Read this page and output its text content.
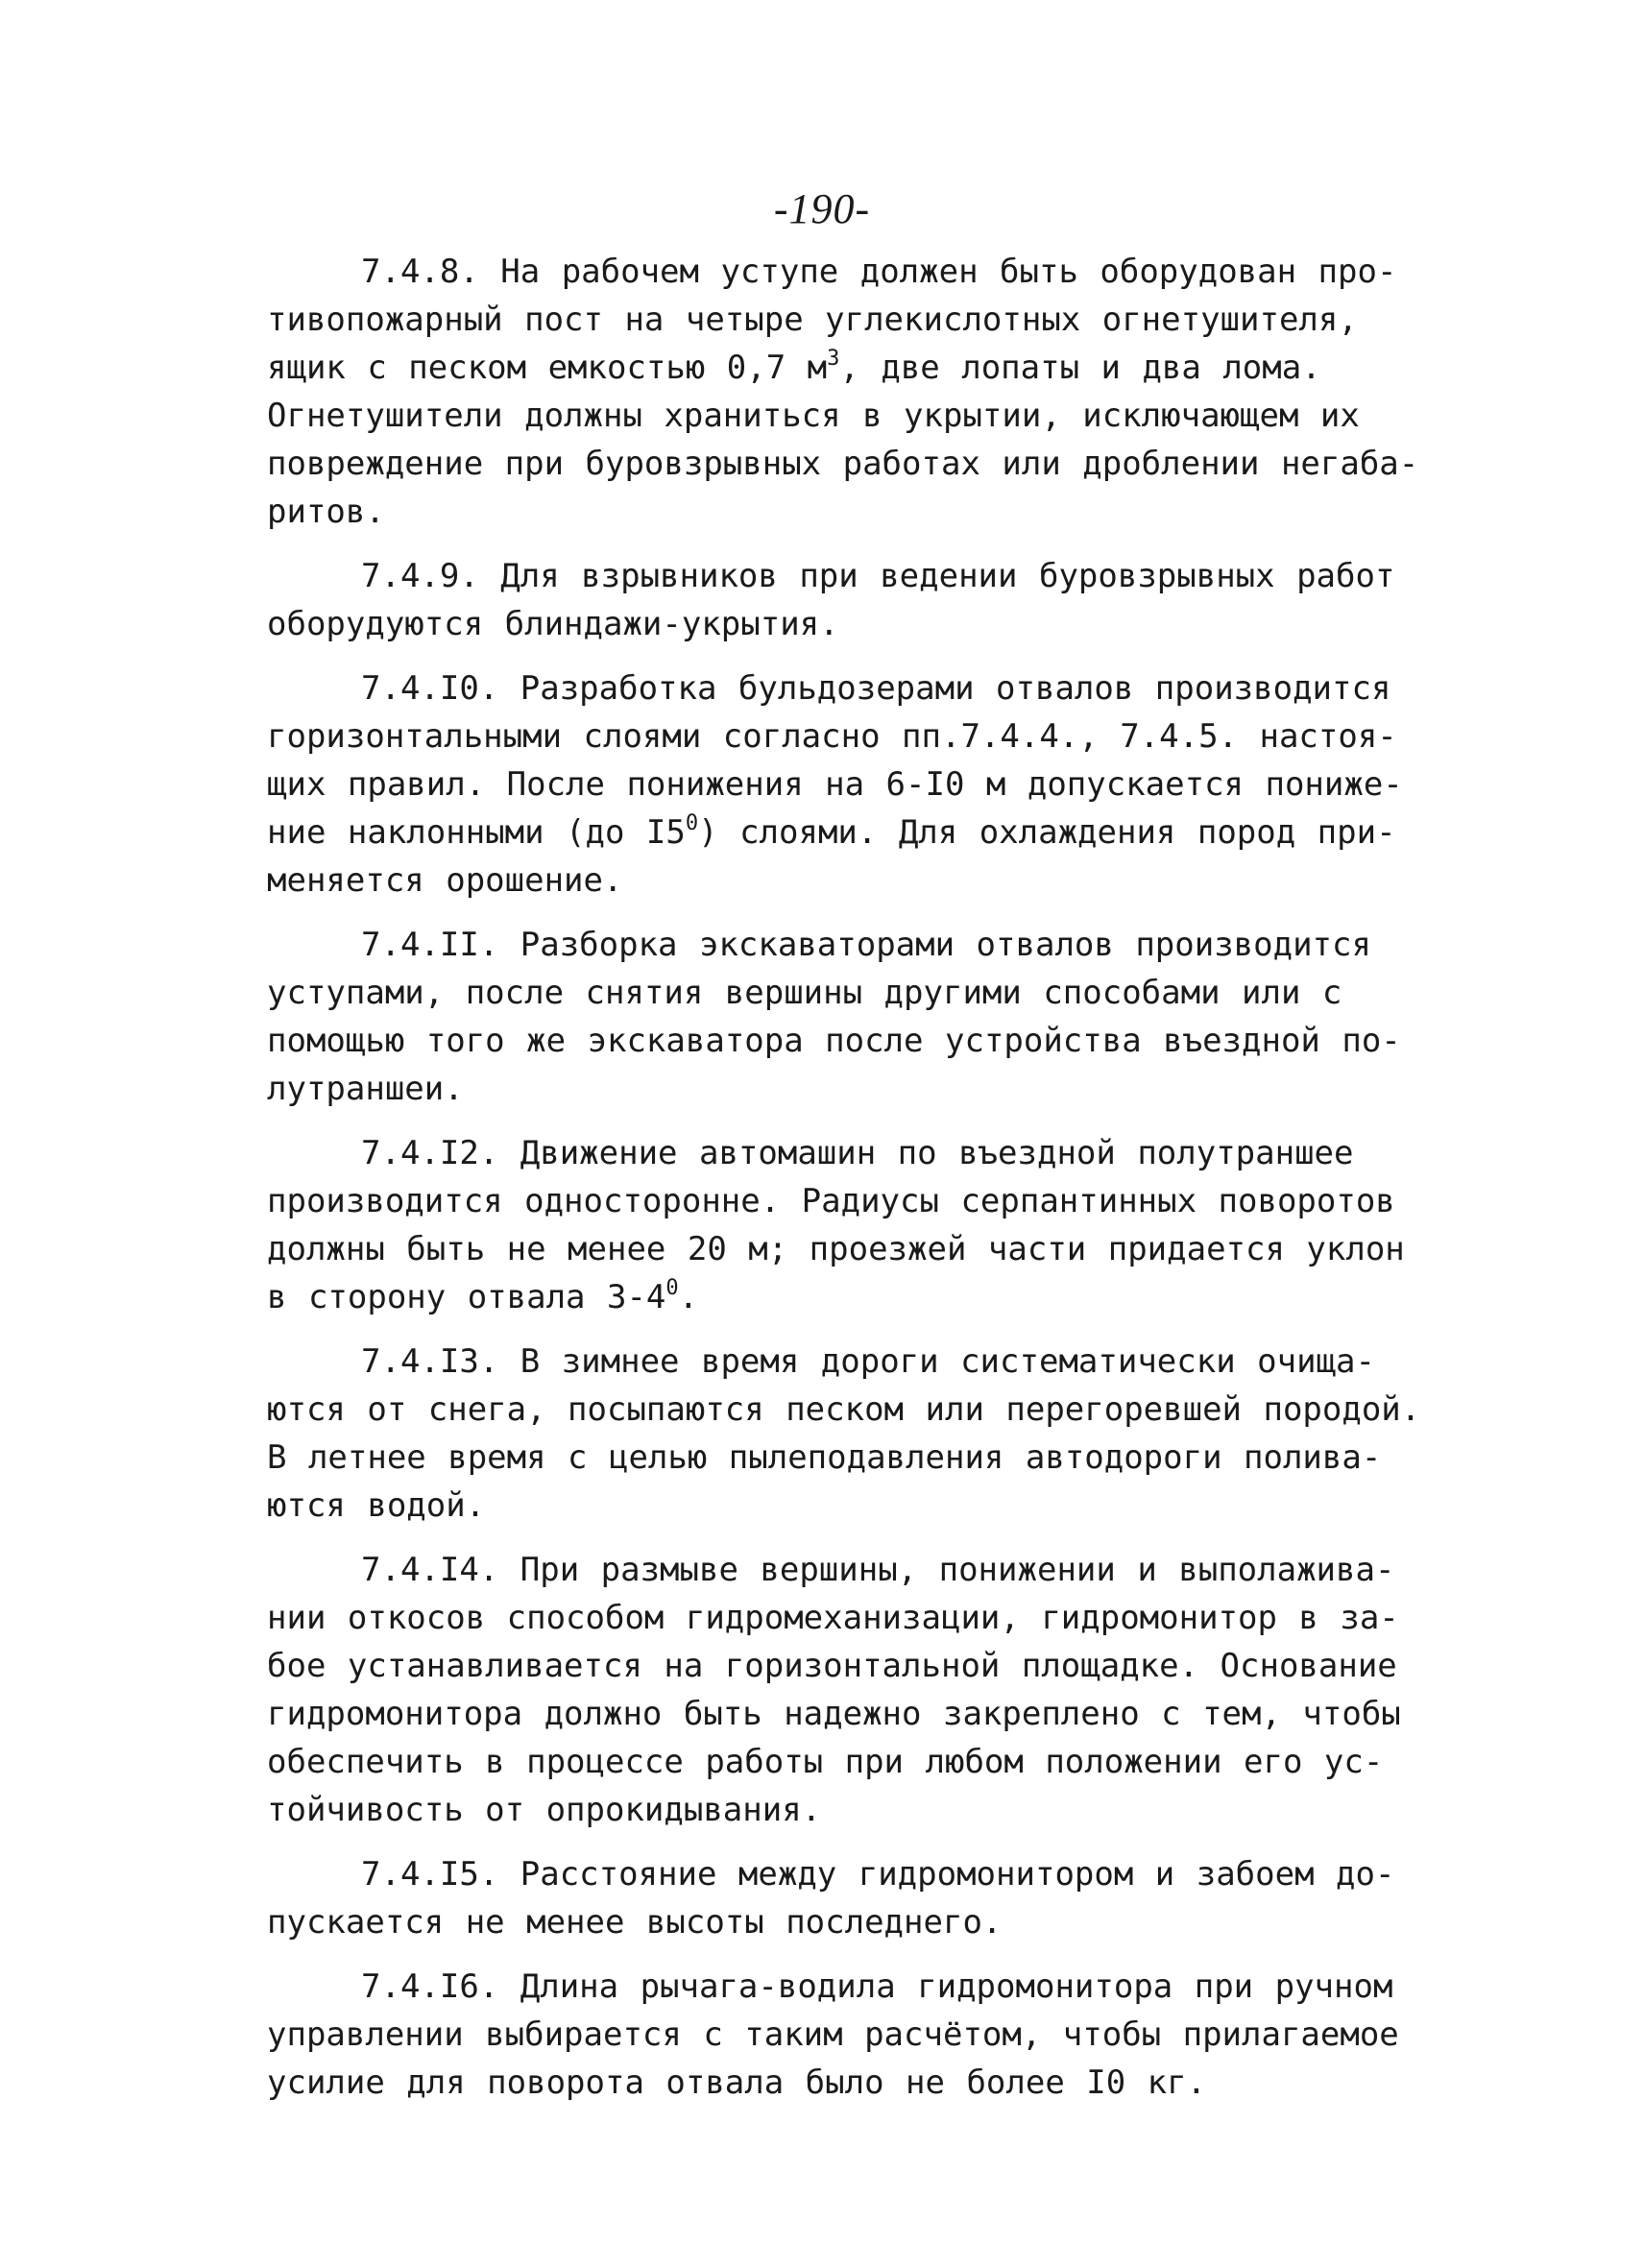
-190-
7.4.8. На рабочем уступе должен быть оборудован про-
тивопожарный пост на четыре углекислотных огнетушителя,
ящик с песком емкостью 0,7 $м^3$, две лопаты и два лома.
Огнетушители должны храниться в укрытии, исключающем их
повреждение при буровзрывных работах или дроблении негаба-
ритов.
7.4.9. Для взрывников при ведении буровзрывных работ
оборудуются блиндажи-укрытия.
7.4.I0. Разработка бульдозерами отвалов производится
горизонтальными слоями согласно пп.7.4.4., 7.4.5. настоя-
щих правил. После понижения на 6-I0 м допускается пониже-
ние наклонными (до $I5^0$) слоями. Для охлаждения пород при-
меняется орошение.
7.4.II. Разборка экскаваторами отвалов производится
уступами, после снятия вершины другими способами или с
помощью того же экскаватора после устройства въездной по-
лутраншеи.
7.4.I2. Движение автомашин по въездной полутраншее
производится односторонне. Радиусы серпантинных поворотов
должны быть не менее 20 м; проезжей части придается уклон
в сторону отвала $3-4^0$.
7.4.I3. В зимнее время дороги систематически очища-
ются от снега, посыпаются песком или перегоревшей породой.
В летнее время с целью пылеподавления автодороги полива-
ются водой.
7.4.I4. При размыве вершины, понижении и выполажива-
нии откосов способом гидромеханизации, гидромонитор в за-
бое устанавливается на горизонтальной площадке. Основание
гидромонитора должно быть надежно закреплено с тем, чтобы
обеспечить в процессе работы при любом положении его ус-
тойчивость от опрокидывания.
7.4.I5. Расстояние между гидромонитором и забоем до-
пускается не менее высоты последнего.
7.4.I6. Длина рычага-водила гидромонитора при ручном
управлении выбирается с таким расчётом, чтобы прилагаемое
усилие для поворота отвала было не более I0 кг.
